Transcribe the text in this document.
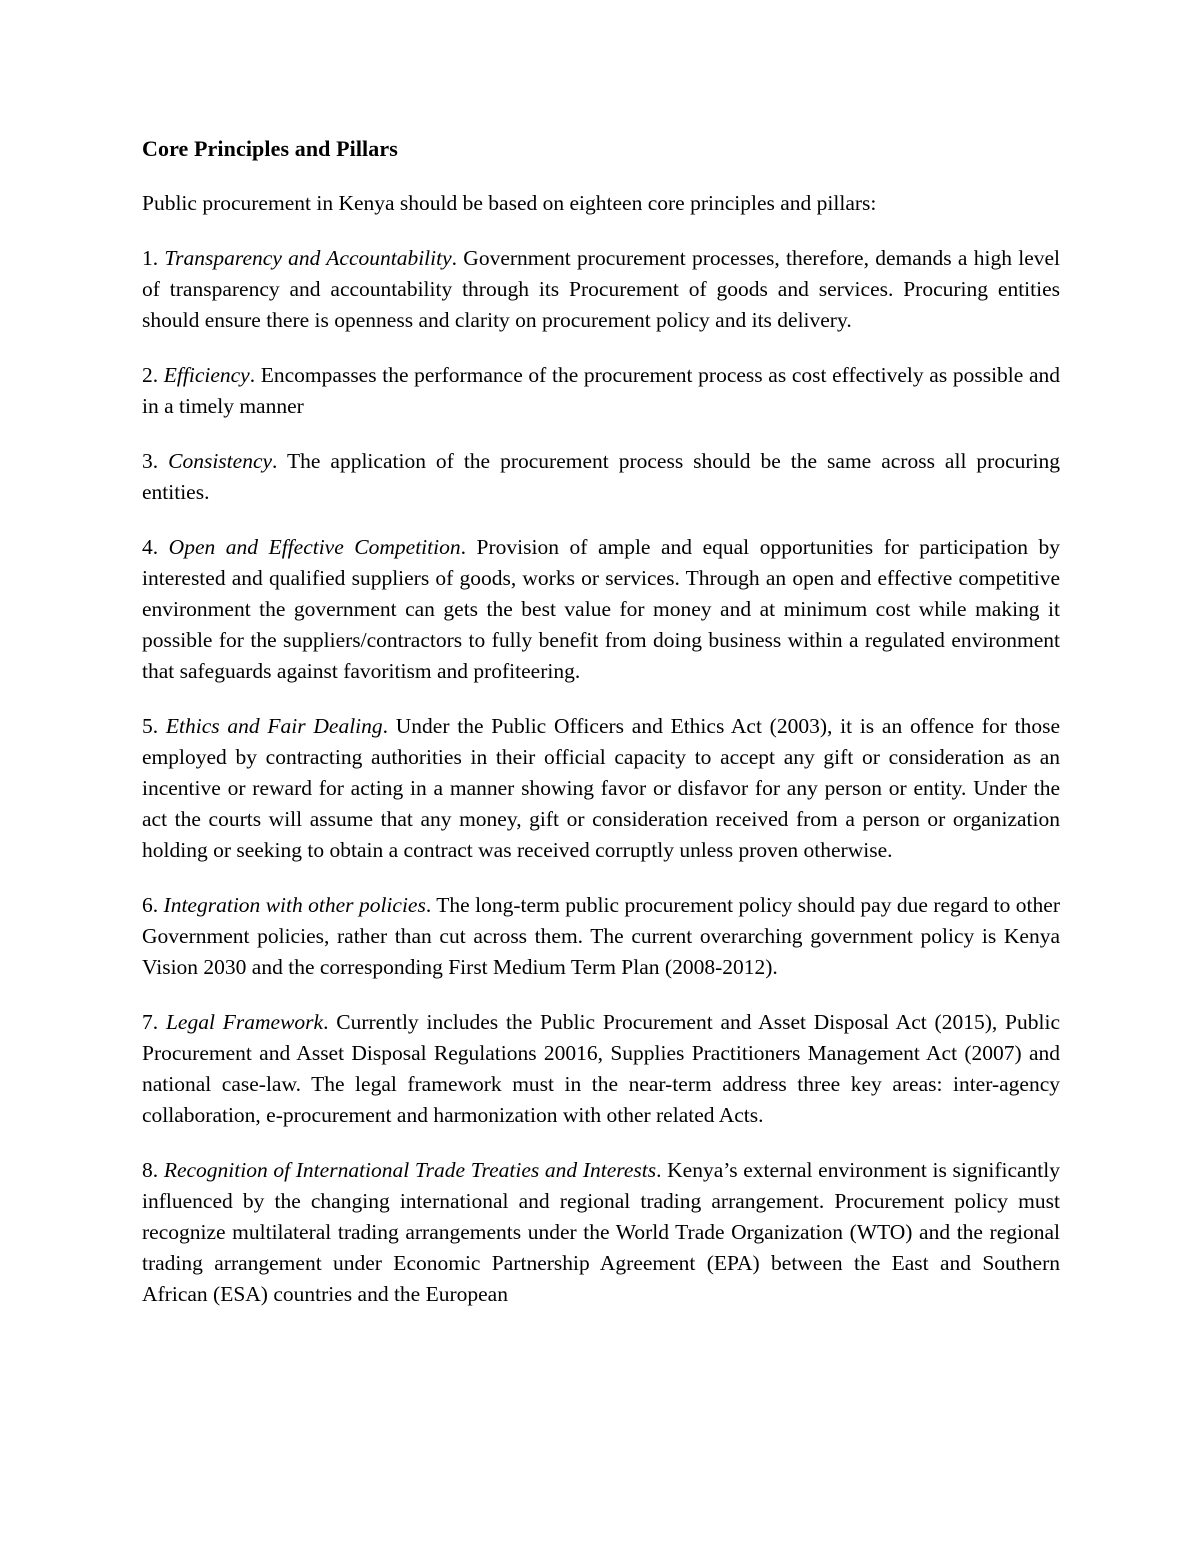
Core Principles and Pillars

Public procurement in Kenya should be based on eighteen core principles and pillars:

1. Transparency and Accountability. Government procurement processes, therefore, demands a high level of transparency and accountability through its Procurement of goods and services. Procuring entities should ensure there is openness and clarity on procurement policy and its delivery.

2. Efficiency. Encompasses the performance of the procurement process as cost effectively as possible and in a timely manner

3. Consistency. The application of the procurement process should be the same across all procuring entities.

4. Open and Effective Competition. Provision of ample and equal opportunities for participation by interested and qualified suppliers of goods, works or services. Through an open and effective competitive environment the government can gets the best value for money and at minimum cost while making it possible for the suppliers/contractors to fully benefit from doing business within a regulated environment that safeguards against favoritism and profiteering.

5. Ethics and Fair Dealing. Under the Public Officers and Ethics Act (2003), it is an offence for those employed by contracting authorities in their official capacity to accept any gift or consideration as an incentive or reward for acting in a manner showing favor or disfavor for any person or entity. Under the act the courts will assume that any money, gift or consideration received from a person or organization holding or seeking to obtain a contract was received corruptly unless proven otherwise.

6. Integration with other policies. The long-term public procurement policy should pay due regard to other Government policies, rather than cut across them. The current overarching government policy is Kenya Vision 2030 and the corresponding First Medium Term Plan (2008-2012).

7. Legal Framework. Currently includes the Public Procurement and Asset Disposal Act (2015), Public Procurement and Asset Disposal Regulations 20016, Supplies Practitioners Management Act (2007) and national case-law. The legal framework must in the near-term address three key areas: inter-agency collaboration, e-procurement and harmonization with other related Acts.

8. Recognition of International Trade Treaties and Interests. Kenya’s external environment is significantly influenced by the changing international and regional trading arrangement. Procurement policy must recognize multilateral trading arrangements under the World Trade Organization (WTO) and the regional trading arrangement under Economic Partnership Agreement (EPA) between the East and Southern African (ESA) countries and the European
